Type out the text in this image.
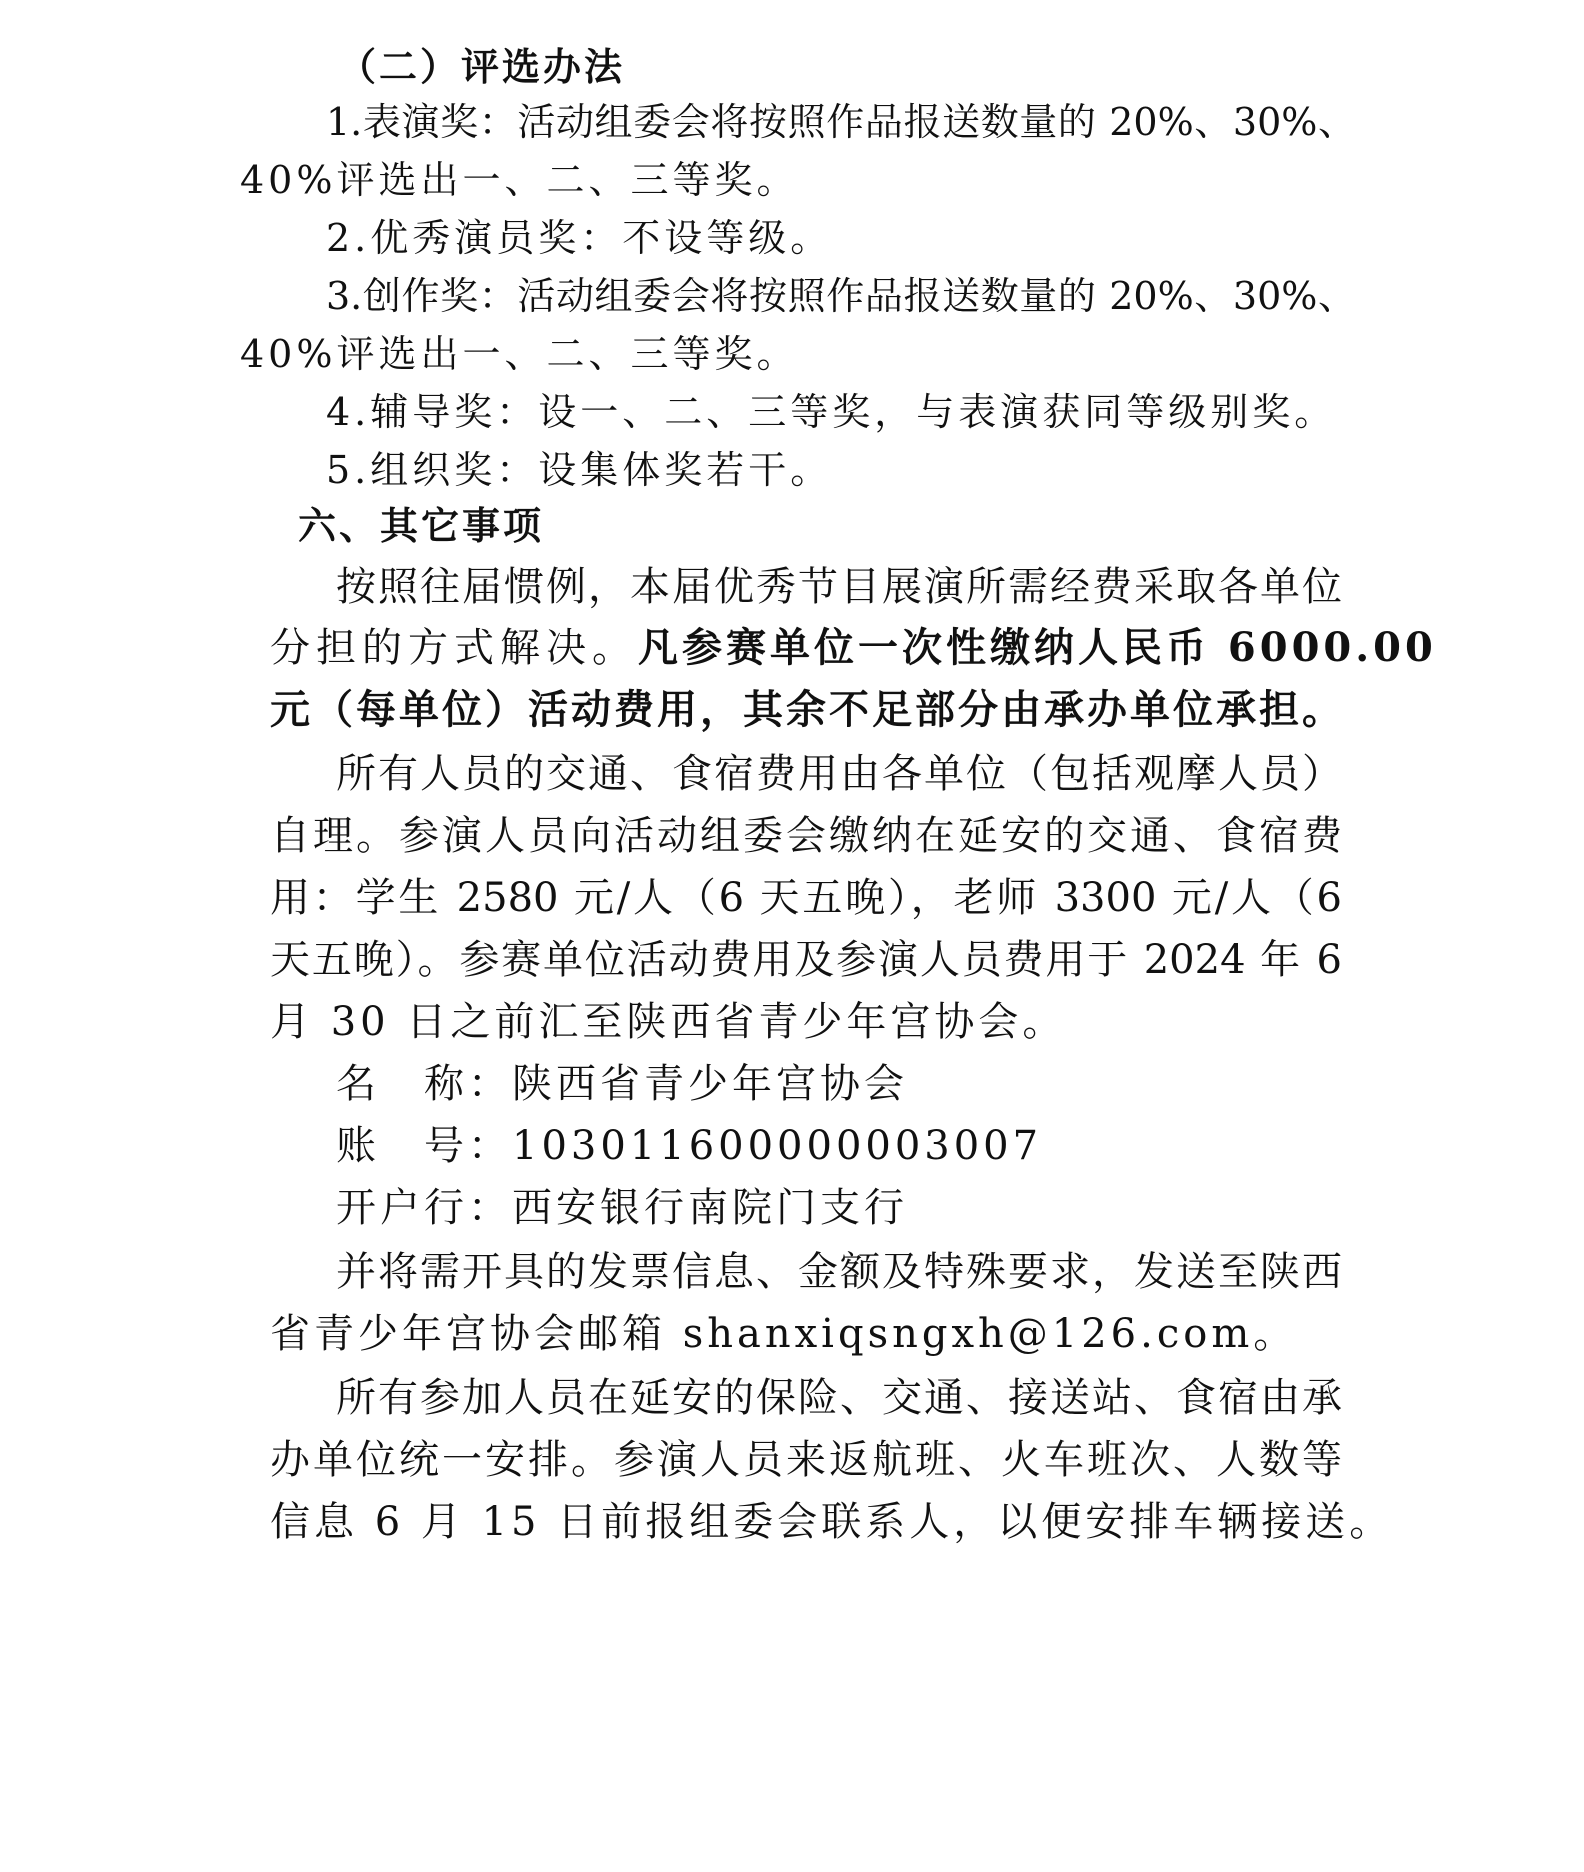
（二）评选办法
1.表演奖：活动组委会将按照作品报送数量的 20%、30%、
40%评选出一、二、三等奖。
2.优秀演员奖：不设等级。
3.创作奖：活动组委会将按照作品报送数量的 20%、30%、
40%评选出一、二、三等奖。
4.辅导奖：设一、二、三等奖，与表演获同等级别奖。
5.组织奖：设集体奖若干。
六、其它事项
按照往届惯例，本届优秀节目展演所需经费采取各单位
分担的方式解决。 凡参赛单位一次性缴纳人民币 6000.00
元（每单位）活动费用，其余不足部分由承办单位承担。
所有人员的交通、食宿费用由各单位（包括观摩人员）
自理。参演人员向活动组委会缴纳在延安的交通、食宿费
用：学生 2580 元/人（6 天五晚），老师 3300 元/人（6
天五晚）。参赛单位活动费用及参演人员费用于 2024 年 6
月 30 日之前汇至陕西省青少年宫协会。
名　称：陕西省青少年宫协会
账　号：103011600000003007
开户行：西安银行南院门支行
并将需开具的发票信息、金额及特殊要求，发送至陕西
省青少年宫协会邮箱 shanxiqsngxh@126.com。
所有参加人员在延安的保险、交通、接送站、食宿由承
办单位统一安排。参演人员来返航班、火车班次、人数等
信息 6 月 15 日前报组委会联系人，以便安排车辆接送。
